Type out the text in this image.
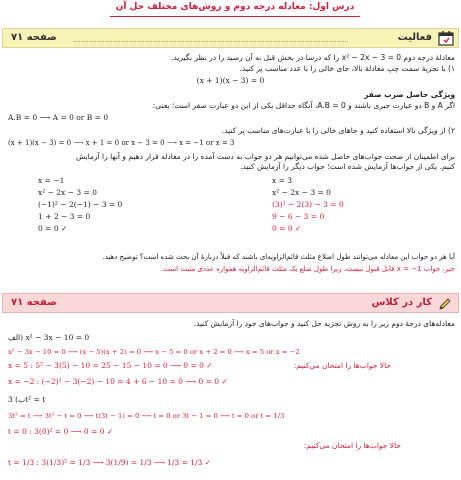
درس اول: معادله درجه دوم و روش‌های مختلف حل آن
فعالیت
صفحه ۷۱
معادلهٔ درجه دوم x² − 2x − 3 = 0 را که درسا در بخش قبل به آن رسید را در نظر بگیرید.
۱) با تجزیهٔ سمت چپ معادلهٔ بالا، جای خالی را با عدد مناسب پر کنید.
(x + 1)(x − 3) = 0
ویژگی حاصل ضرب صفر
اگر A و B دو عبارت جبری باشند و A.B = 0، آنگاه حداقل یکی از این دو عبارت صفر است؛ یعنی:
A.B = 0 ⟶ A = 0 or B = 0
۲) از ویژگی بالا استفاده کنید و جاهای خالی را با عبارت‌های مناسب پر کنید.
(x + 1)(x − 3) = 0 ⟶ x + 1 = 0 or x − 3 = 0 ⟶ x = −1 or x = 3
برای اطمینان از صحت جواب‌های حاصل شده می‌توانیم هر دو جواب به دست آمده را در معادله قرار دهیم و آنها را آزمایش
کنیم. یکی از جواب‌ها آزمایش شده است؛ جواب دیگر را آزمایش کنید.
x = −1
x² − 2x − 3 = 0
(−1)² − 2(−1) − 3 = 0
1 + 2 − 3 = 0
0 = 0 ✓
x = 3
x² − 2x − 3 = 0
(3)² − 2(3) − 3 = 0
9 − 6 − 3 = 0
0 = 0 ✓
آیا هر دو جواب این معادله می‌توانند طول اضلاع مثلث قائم‌الزاویه‌ای باشند که قبلاً دربارهٔ آن بحث شده است؟ توضیح دهید.
خیر. جواب x = −1 قابل قبول نیست، زیرا طول ضلع یک مثلث قائم‌الزاویه همواره عددی مثبت است.
کار در کلاس
صفحه ۷۱
معادله‌های درجهٔ دوم زیر را به روش تجزیه حل کنید و جواب‌های خود را آزمایش کنید.
الف) x² − 3x − 10 = 0
x² − 3x − 10 = 0 ⟶ (x − 5)(x + 2) = 0 ⟶ x − 5 = 0 or x + 2 = 0 ⟶ x = 5 or x = −2
x = 5 : 5² − 3(5) − 10 = 25 − 15 − 10 = 0 ⟶ 0 = 0 ✓	حالا جواب‌ها را امتحان می‌کنیم:
x = −2 : (−2)² − 3(−2) − 10 = 4 + 6 − 10 = 0 ⟶ 0 = 0 ✓
ب) 3t² = t
3t² = t ⟶ 3t² − t = 0 ⟶ t(3t − 1) = 0 ⟶ t = 0 or 3t − 1 = 0 ⟶ t = 0 or t = 1/3
t = 0 : 3(0)² = 0 ⟶ 0 = 0 ✓
حالا جواب‌ها را امتحان می‌کنیم:
t = 1/3 : 3(1/3)² = 1/3 ⟶ 3(1/9) = 1/3 ⟶ 1/3 = 1/3 ✓
